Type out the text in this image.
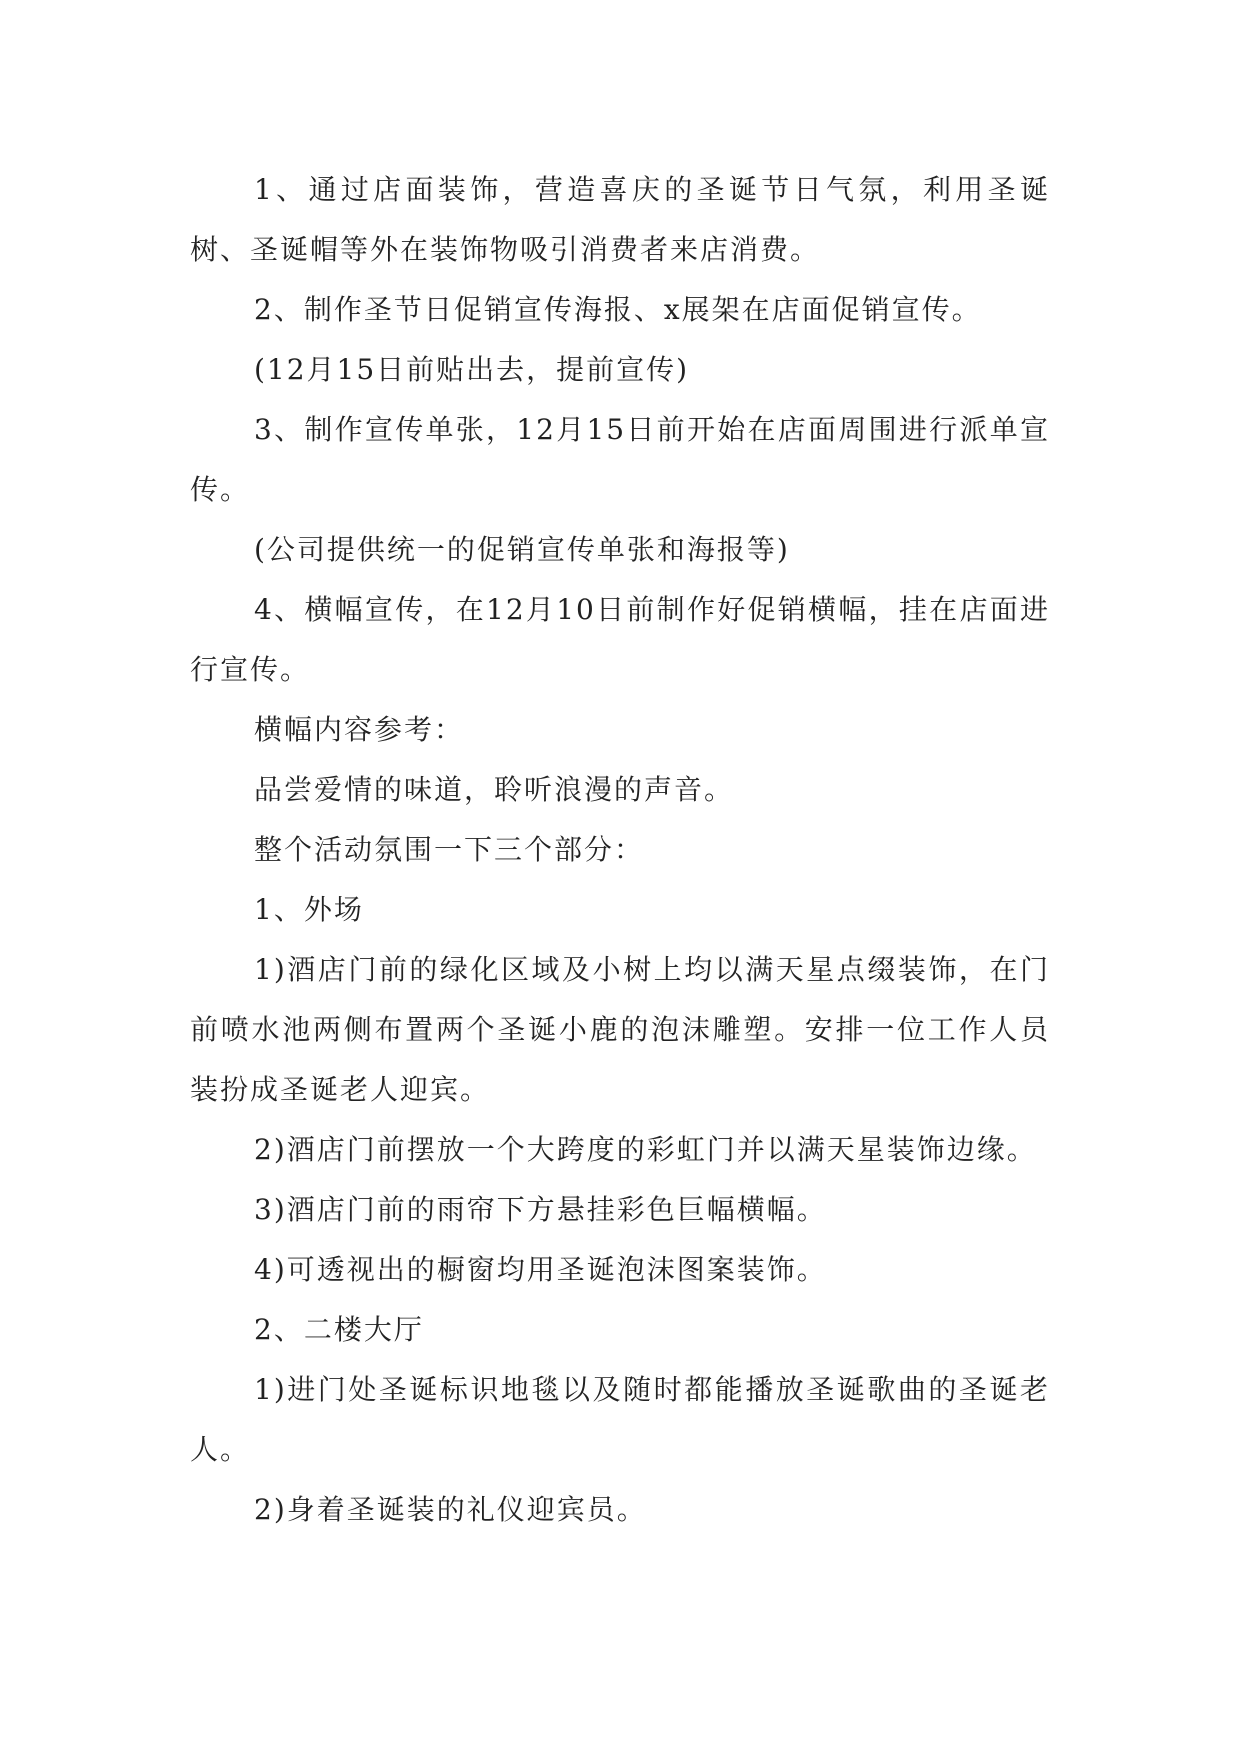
1、通过店面装饰，营造喜庆的圣诞节日气氛，利用圣诞树、圣诞帽等外在装饰物吸引消费者来店消费。

2、制作圣节日促销宣传海报、x展架在店面促销宣传。

(12月15日前贴出去，提前宣传)

3、制作宣传单张，12月15日前开始在店面周围进行派单宣传。

(公司提供统一的促销宣传单张和海报等)

4、横幅宣传，在12月10日前制作好促销横幅，挂在店面进行宣传。

横幅内容参考：

品尝爱情的味道，聆听浪漫的声音。

整个活动氛围一下三个部分：

1、外场

1)酒店门前的绿化区域及小树上均以满天星点缀装饰，在门前喷水池两侧布置两个圣诞小鹿的泡沫雕塑。安排一位工作人员装扮成圣诞老人迎宾。

2)酒店门前摆放一个大跨度的彩虹门并以满天星装饰边缘。

3)酒店门前的雨帘下方悬挂彩色巨幅横幅。

4)可透视出的橱窗均用圣诞泡沫图案装饰。

2、二楼大厅

1)进门处圣诞标识地毯以及随时都能播放圣诞歌曲的圣诞老人。

2)身着圣诞装的礼仪迎宾员。
